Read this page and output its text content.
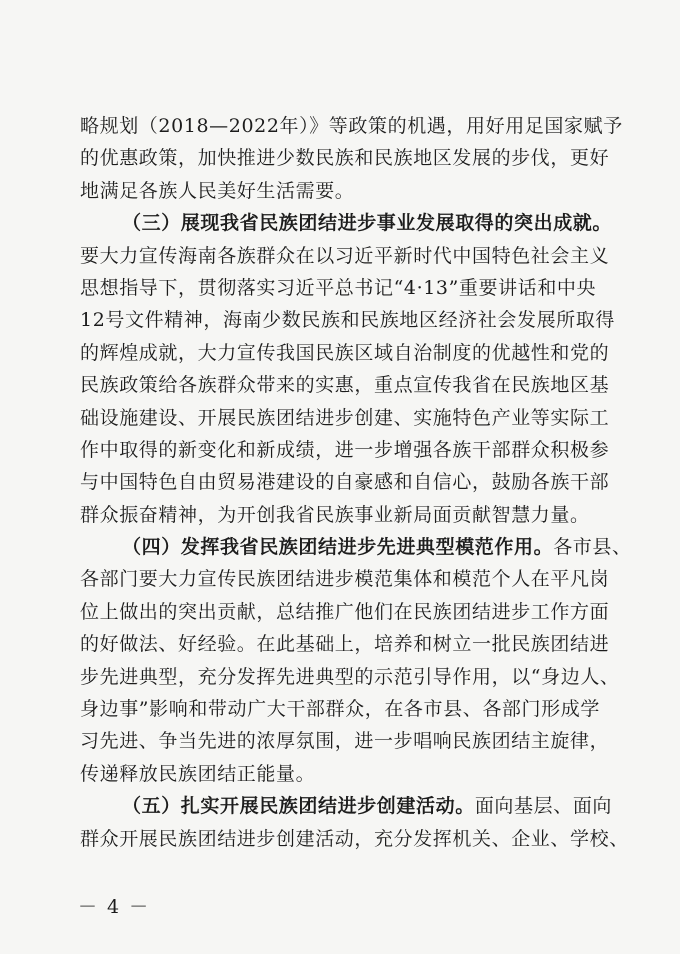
略规划（2018—2022年）》等政策的机遇，用好用足国家赋予
的优惠政策，加快推进少数民族和民族地区发展的步伐，更好
地满足各族人民美好生活需要。
（三）展现我省民族团结进步事业发展取得的突出成就。
要大力宣传海南各族群众在以习近平新时代中国特色社会主义
思想指导下，贯彻落实习近平总书记“4·13”重要讲话和中央
12号文件精神，海南少数民族和民族地区经济社会发展所取得
的辉煌成就，大力宣传我国民族区域自治制度的优越性和党的
民族政策给各族群众带来的实惠，重点宣传我省在民族地区基
础设施建设、开展民族团结进步创建、实施特色产业等实际工
作中取得的新变化和新成绩，进一步增强各族干部群众积极参
与中国特色自由贸易港建设的自豪感和自信心，鼓励各族干部
群众振奋精神，为开创我省民族事业新局面贡献智慧力量。
（四）发挥我省民族团结进步先进典型模范作用。各市县、
各部门要大力宣传民族团结进步模范集体和模范个人在平凡岗
位上做出的突出贡献，总结推广他们在民族团结进步工作方面
的好做法、好经验。在此基础上，培养和树立一批民族团结进
步先进典型，充分发挥先进典型的示范引导作用，以“身边人、
身边事”影响和带动广大干部群众，在各市县、各部门形成学
习先进、争当先进的浓厚氛围，进一步唱响民族团结主旋律，
传递释放民族团结正能量。
（五）扎实开展民族团结进步创建活动。面向基层、面向
群众开展民族团结进步创建活动，充分发挥机关、企业、学校、
－ 4 －
